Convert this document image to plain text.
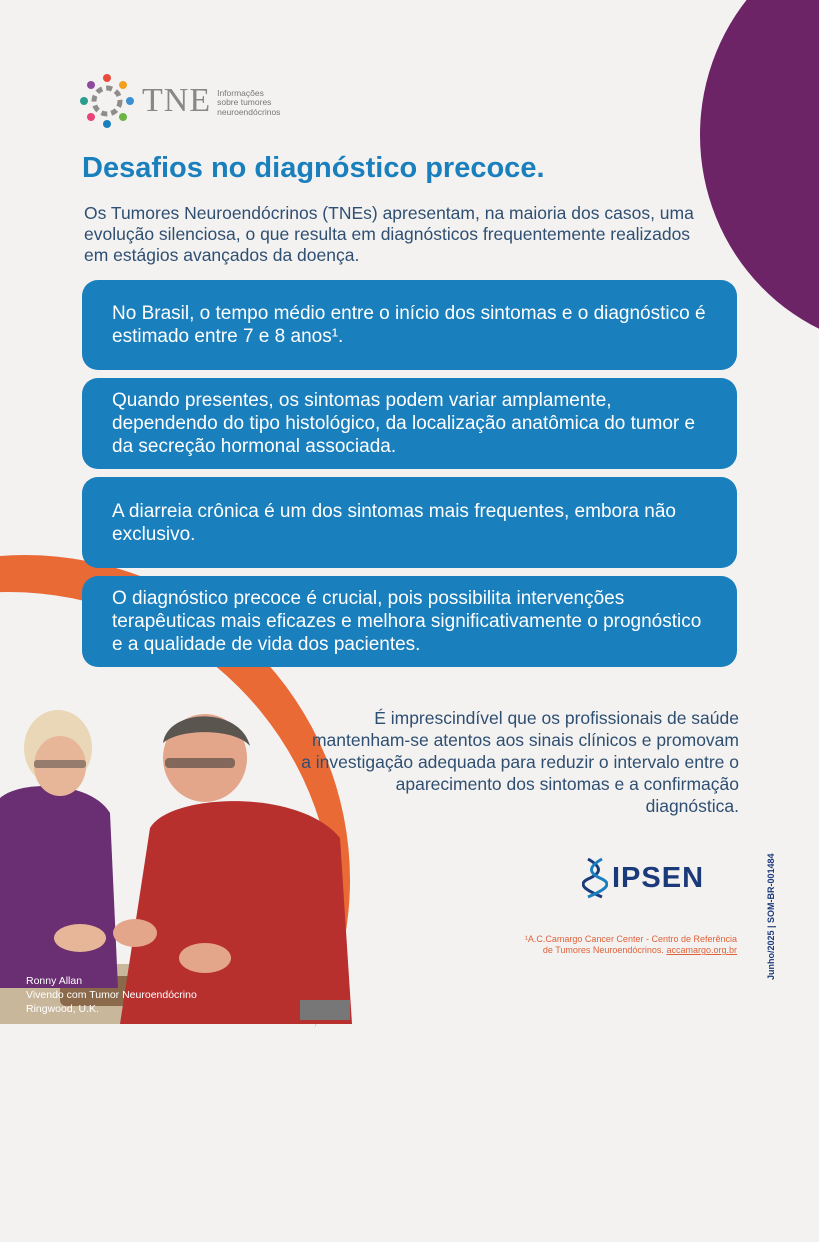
TNE Informações
sobre tumores
neuroendócrinos
Desafios no diagnóstico precoce.

Os Tumores Neuroendócrinos (TNEs) apresentam, na maioria dos casos, uma evolução silenciosa, o que resulta em diagnósticos frequentemente realizados em estágios avançados da doença.

No Brasil, o tempo médio entre o início dos sintomas e o diagnóstico é estimado entre 7 e 8 anos¹.
Quando presentes, os sintomas podem variar amplamente, dependendo do tipo histológico, da localização anatômica do tumor e da secreção hormonal associada.
A diarreia crônica é um dos sintomas mais frequentes, embora não exclusivo.
O diagnóstico precoce é crucial, pois possibilita intervenções terapêuticas mais eficazes e melhora significativamente o prognóstico e a qualidade de vida dos pacientes.

É imprescindível que os profissionais de saúde mantenham-se atentos aos sinais clínicos e promovam a investigação adequada para reduzir o intervalo entre o aparecimento dos sintomas e a confirmação diagnóstica.

IPSEN

¹A.C.Camargo Cancer Center - Centro de Referência de Tumores Neuroendócrinos. accamargo.org.br	Junho/2025 | SOM-BR-001484
Ronny Allan
Vivendo com Tumor Neuroendócrino
Ringwood, U.K.
